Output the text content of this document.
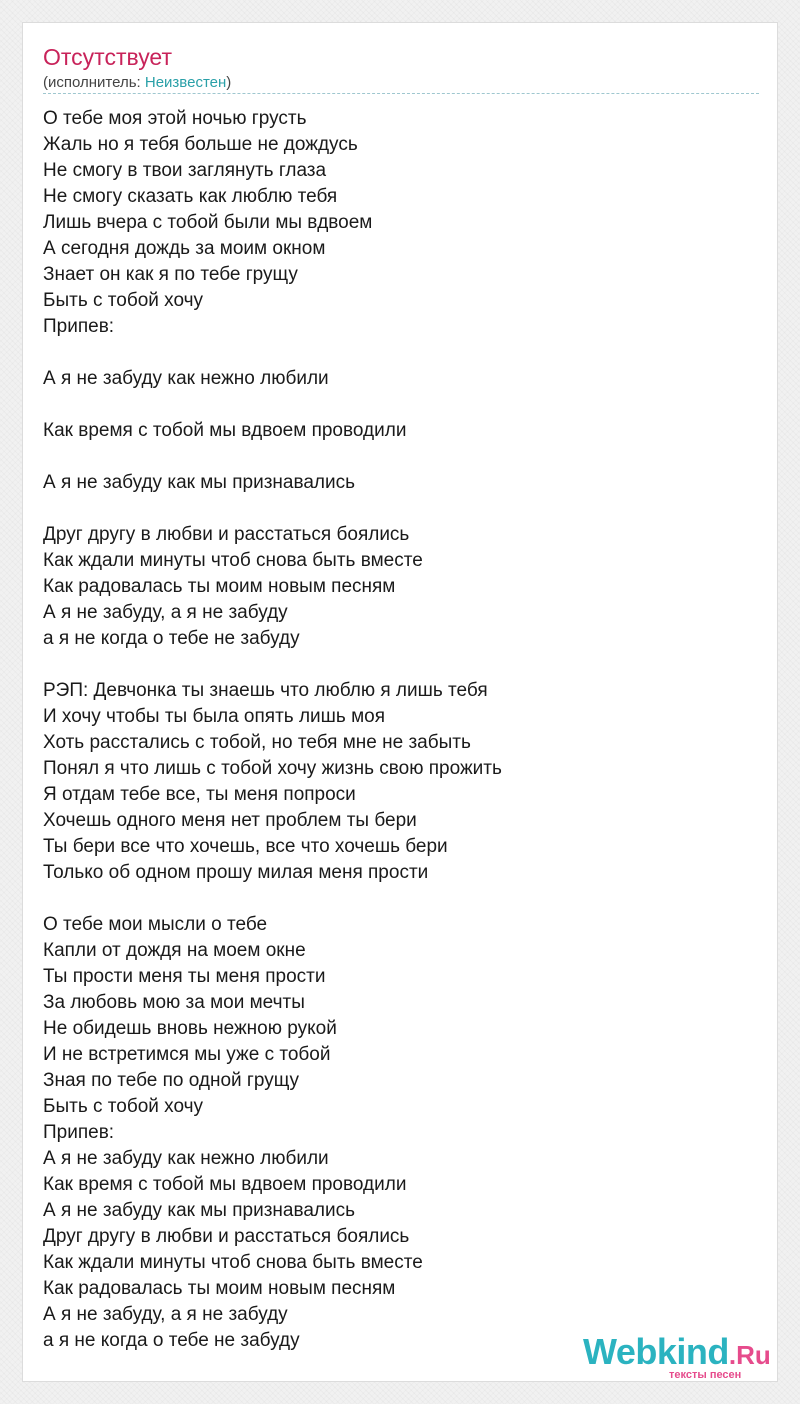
Отсутствует
(исполнитель: Неизвестен)
О тебе моя этой ночью грусть
Жаль но я тебя больше не дождусь
Не смогу в твои заглянуть глаза
Не смогу сказать как люблю тебя
Лишь вчера с тобой были мы вдвоем
А сегодня дождь за моим окном
Знает он как я по тебе грущу
Быть с тобой хочу
Припев:
А я не забуду как нежно любили
Как время с тобой мы вдвоем проводили
А я не забуду как мы признавались
Друг другу в любви и расстаться боялись
Как ждали минуты чтоб снова быть вместе
Как радовалась ты моим новым песням
А я не забуду, а я не забуду
а я не когда о тебе не забуду
РЭП: Девчонка ты знаешь что люблю я лишь тебя
И хочу чтобы ты была опять лишь моя
Хоть расстались с тобой, но тебя мне не забыть
Понял я что лишь с тобой хочу жизнь свою прожить
Я отдам тебе все, ты меня попроси
Хочешь одного меня нет проблем ты бери
Ты бери все что хочешь, все что хочешь бери
Только об одном прошу милая меня прости
О тебе мои мысли о тебе
Капли от дождя на моем окне
Ты прости меня ты меня прости
За любовь мою за мои мечты
Не обидешь вновь нежною рукой
И не встретимся мы уже с тобой
Зная по тебе по одной грущу
Быть с тобой хочу
Припев:
А я не забуду как нежно любили
Как время с тобой мы вдвоем проводили
А я не забуду как мы признавались
Друг другу в любви и расстаться боялись
Как ждали минуты чтоб снова быть вместе
Как радовалась ты моим новым песням
А я не забуду, а я не забуду
а я не когда о тебе не забуду	Webkind.Ru
тексты песен
